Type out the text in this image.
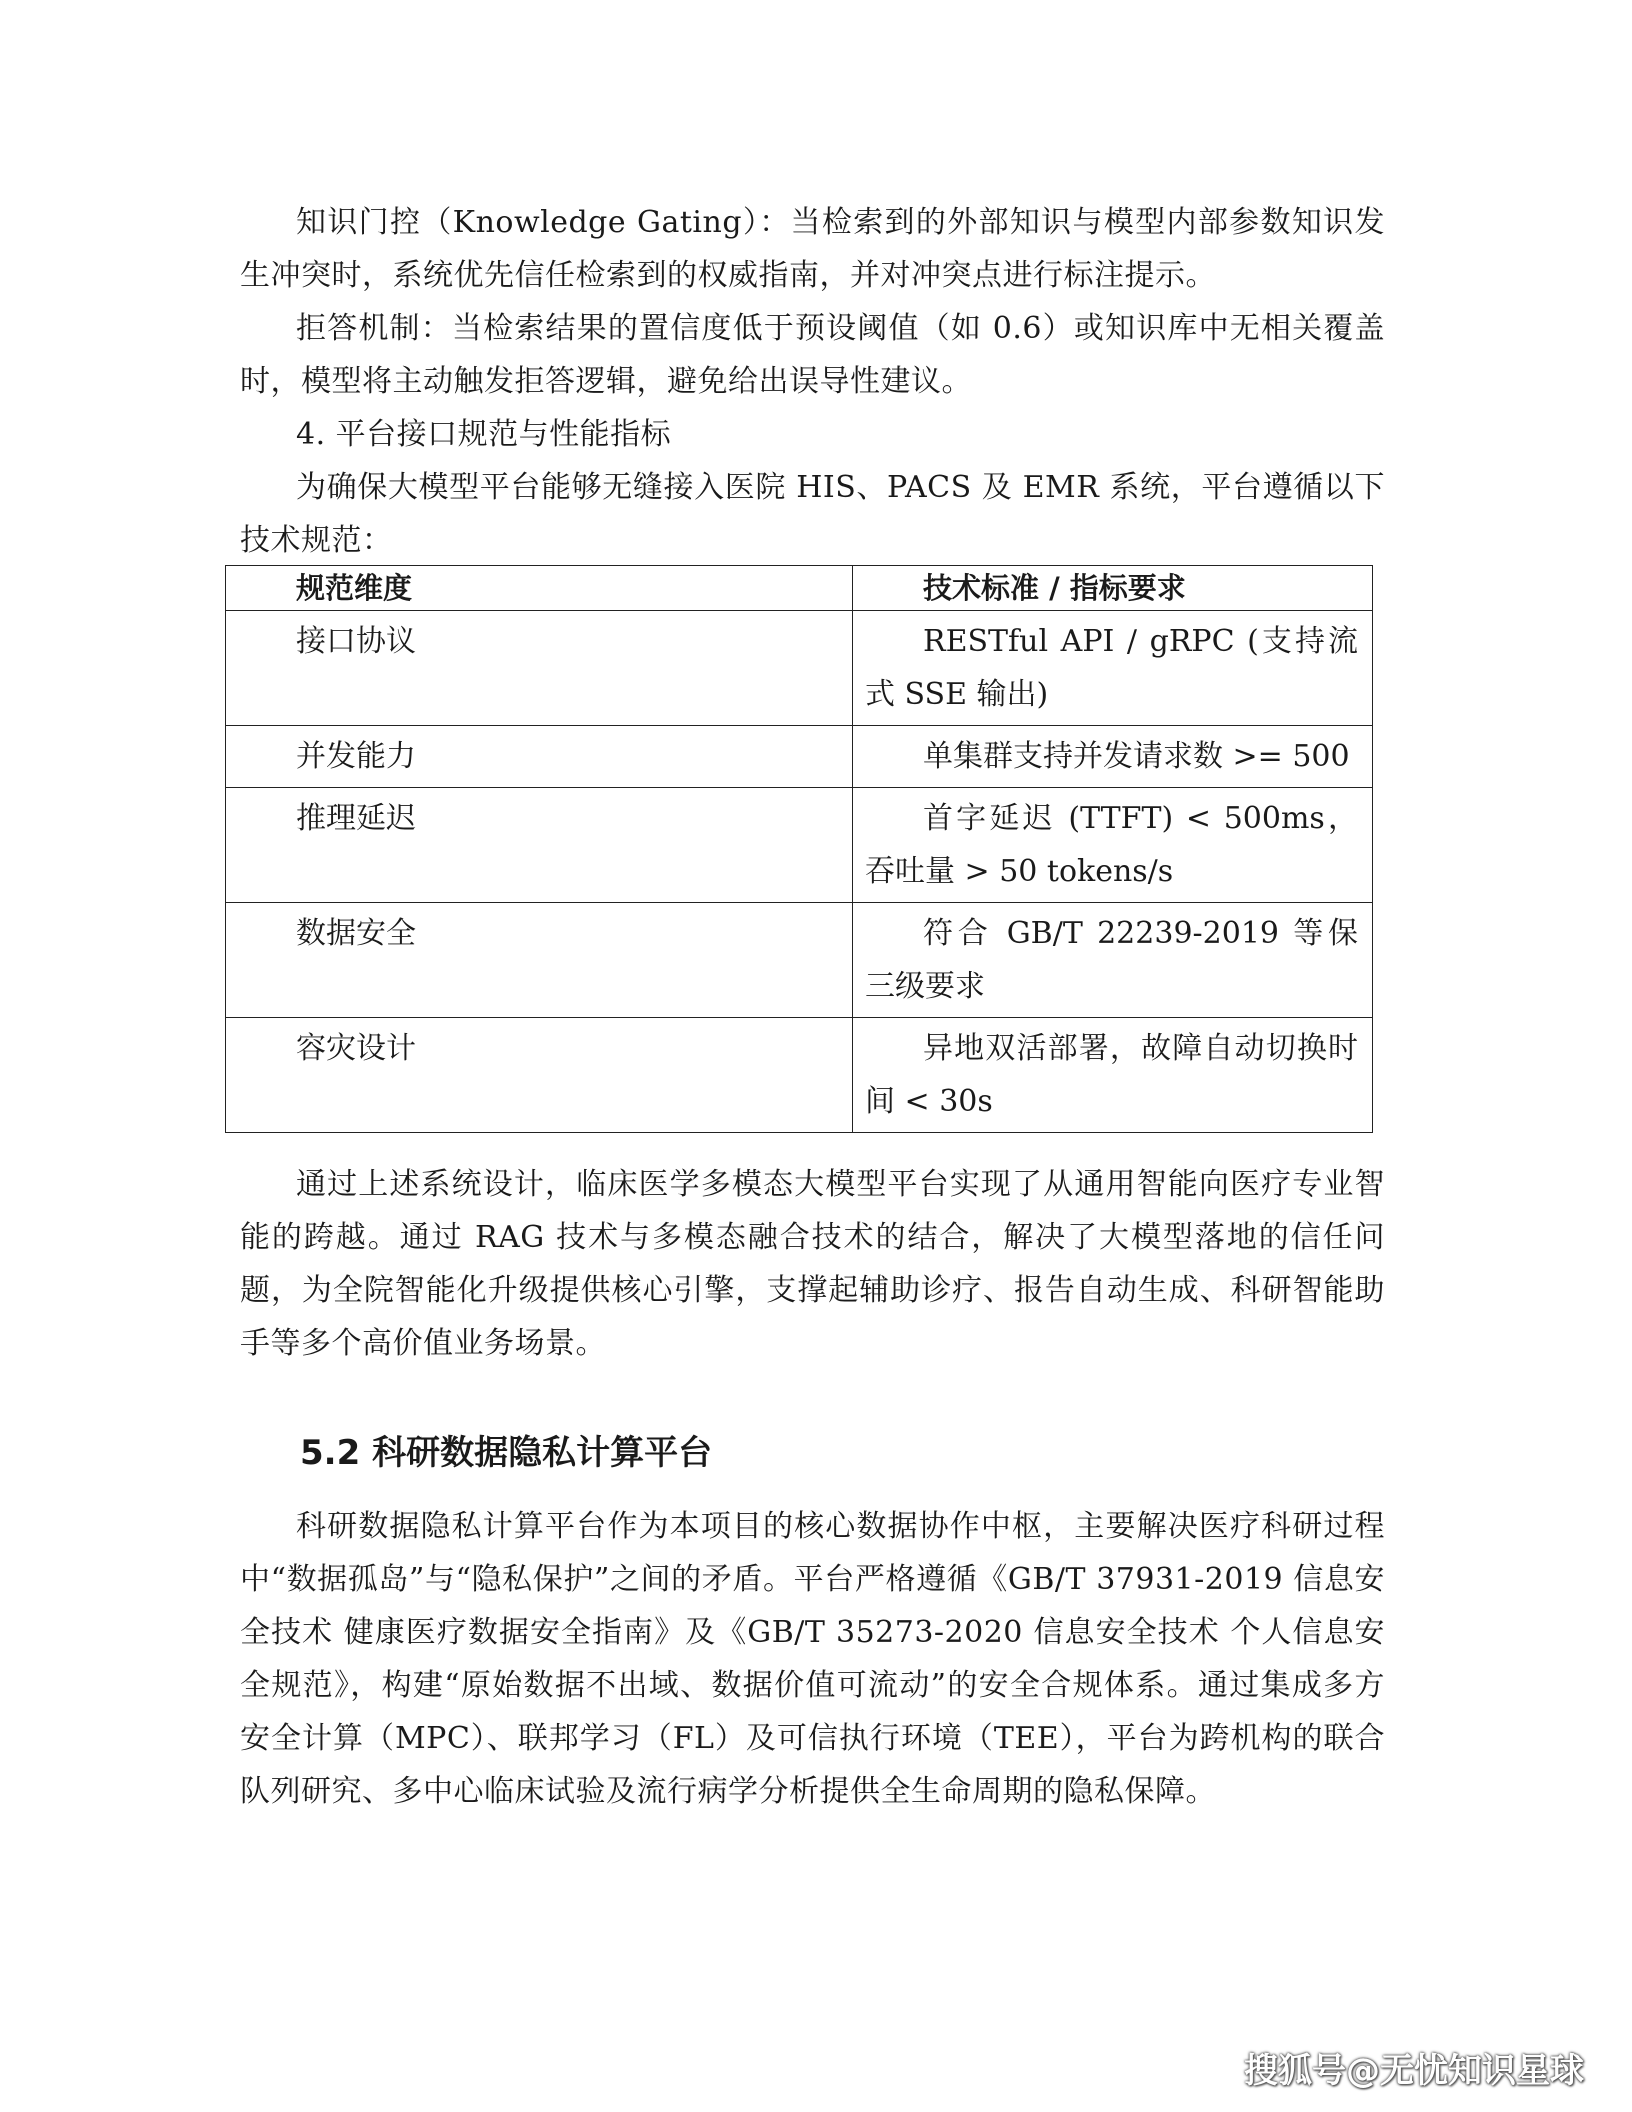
知识门控（Knowledge Gating）：当检索到的外部知识与模型内部参数知识发生冲突时，系统优先信任检索到的权威指南，并对冲突点进行标注提示。

拒答机制：当检索结果的置信度低于预设阈值（如 0.6）或知识库中无相关覆盖时，模型将主动触发拒答逻辑，避免给出误导性建议。

4. 平台接口规范与性能指标

为确保大模型平台能够无缝接入医院 HIS、PACS 及 EMR 系统，平台遵循以下技术规范：

规范维度	技术标准 / 指标要求
接口协议	RESTful API / gRPC (支持流式 SSE 输出)
并发能力	单集群支持并发请求数 >= 500
推理延迟	首字延迟 (TTFT) < 500ms，吞吐量 > 50 tokens/s
数据安全	符合 GB/T 22239-2019 等保三级要求
容灾设计	异地双活部署，故障自动切换时间 < 30s

通过上述系统设计，临床医学多模态大模型平台实现了从通用智能向医疗专业智能的跨越。通过 RAG 技术与多模态融合技术的结合，解决了大模型落地的信任问题，为全院智能化升级提供核心引擎，支撑起辅助诊疗、报告自动生成、科研智能助手等多个高价值业务场景。

5.2 科研数据隐私计算平台

科研数据隐私计算平台作为本项目的核心数据协作中枢，主要解决医疗科研过程中“数据孤岛”与“隐私保护”之间的矛盾。平台严格遵循《GB/T 37931-2019 信息安全技术 健康医疗数据安全指南》及《GB/T 35273-2020 信息安全技术 个人信息安全规范》，构建“原始数据不出域、数据价值可流动”的安全合规体系。通过集成多方安全计算（MPC）、联邦学习（FL）及可信执行环境（TEE），平台为跨机构的联合队列研究、多中心临床试验及流行病学分析提供全生命周期的隐私保障。

搜狐号@无忧知识星球
